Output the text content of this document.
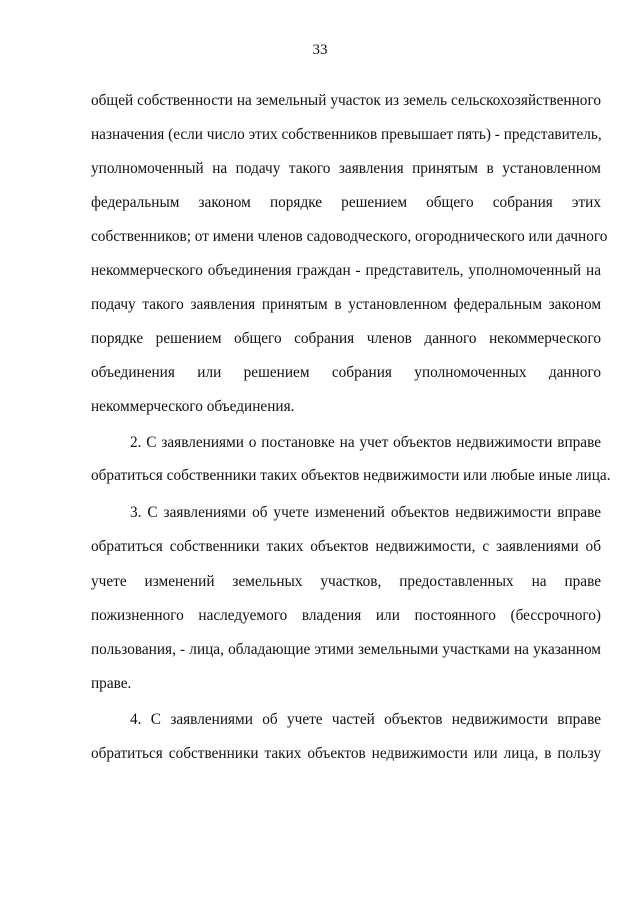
33
общей собственности на земельный участок из земель сельскохозяйственного
назначения (если число этих собственников превышает пять) - представитель,
уполномоченный на подачу такого заявления принятым в установленном
федеральным законом порядке решением общего собрания этих
собственников; от имени членов садоводческого, огороднического или дачного
некоммерческого объединения граждан - представитель, уполномоченный на
подачу такого заявления принятым в установленном федеральным законом
порядке решением общего собрания членов данного некоммерческого
объединения или решением собрания уполномоченных данного
некоммерческого объединения.
2. С заявлениями о постановке на учет объектов недвижимости вправе
обратиться собственники таких объектов недвижимости или любые иные лица.
3. С заявлениями об учете изменений объектов недвижимости вправе
обратиться собственники таких объектов недвижимости, с заявлениями об
учете изменений земельных участков, предоставленных на праве
пожизненного наследуемого владения или постоянного (бессрочного)
пользования, - лица, обладающие этими земельными участками на указанном
праве.
4. С заявлениями об учете частей объектов недвижимости вправе
обратиться собственники таких объектов недвижимости или лица, в пользу
